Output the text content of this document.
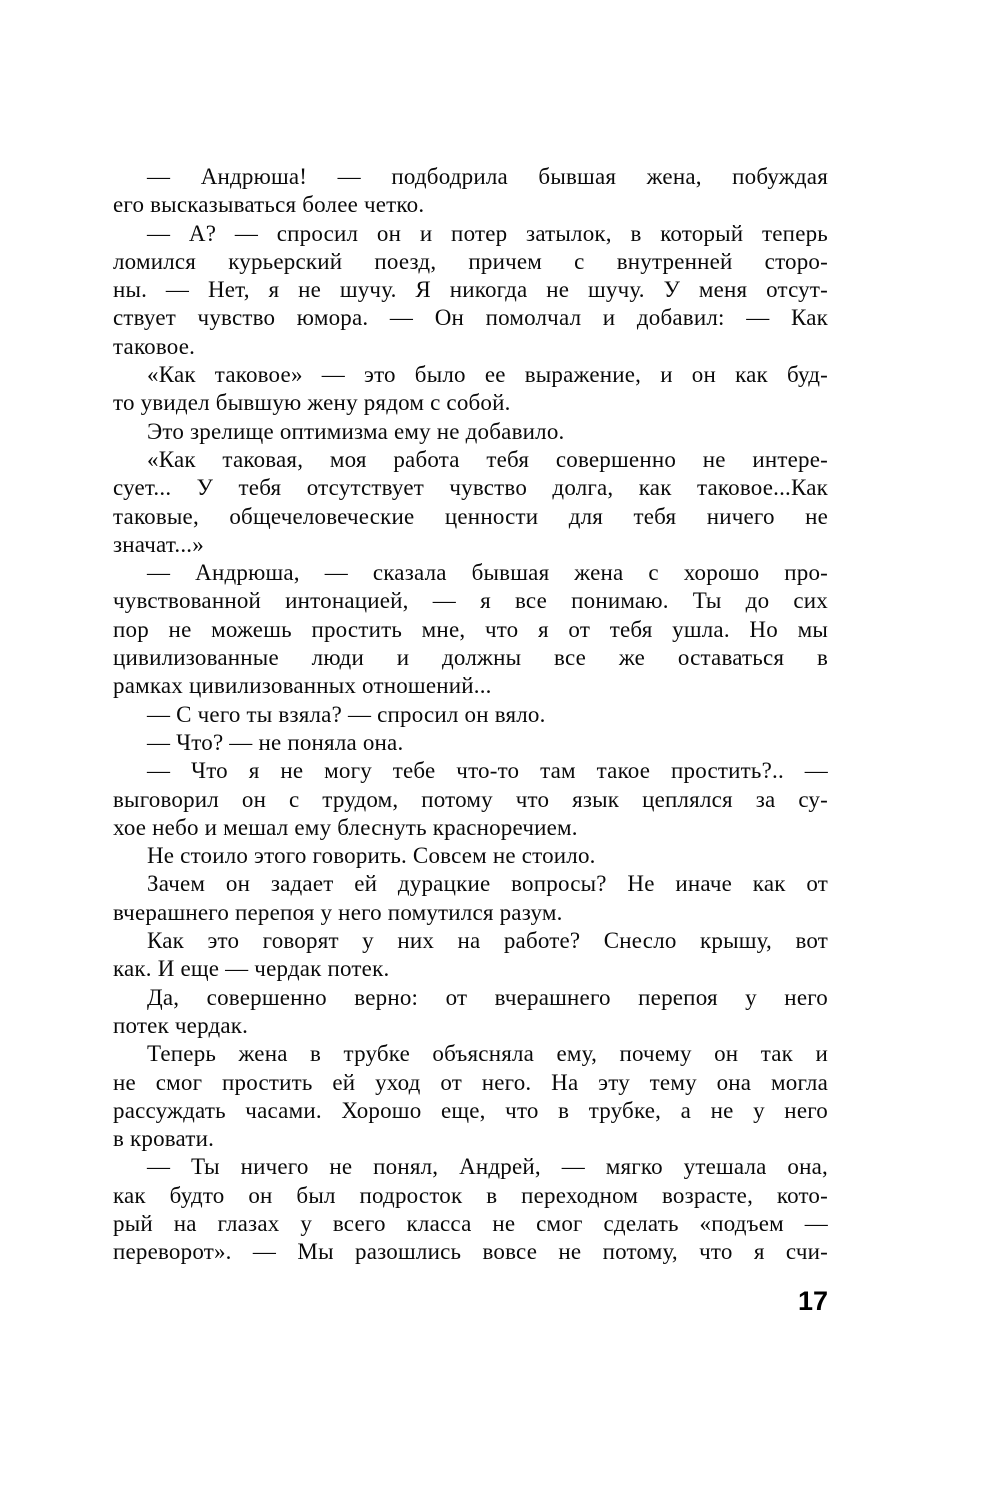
— Андрюша! — подбодрила бывшая жена, побуждая
его высказываться более четко.
— А? — спросил он и потер затылок, в который теперь
ломился курьерский поезд, причем с внутренней сторо-
ны. — Нет, я не шучу. Я никогда не шучу. У меня отсут-
ствует чувство юмора. — Он помолчал и добавил: — Как
таковое.
«Как таковое» — это было ее выражение, и он как буд-
то увидел бывшую жену рядом с собой.
Это зрелище оптимизма ему не добавило.
«Как таковая, моя работа тебя совершенно не интере-
сует... У тебя отсутствует чувство долга, как таковое...Как
таковые, общечеловеческие ценности для тебя ничего не
значат...»
— Андрюша, — сказала бывшая жена с хорошо про-
чувствованной интонацией, — я все понимаю. Ты до сих
пор не можешь простить мне, что я от тебя ушла. Но мы
цивилизованные люди и должны все же оставаться в
рамках цивилизованных отношений...
— С чего ты взяла? — спросил он вяло.
— Что? — не поняла она.
— Что я не могу тебе что-то там такое простить?.. —
выговорил он с трудом, потому что язык цеплялся за су-
хое небо и мешал ему блеснуть красноречием.
Не стоило этого говорить. Совсем не стоило.
Зачем он задает ей дурацкие вопросы? Не иначе как от
вчерашнего перепоя у него помутился разум.
Как это говорят у них на работе? Снесло крышу, вот
как. И еще — чердак потек.
Да, совершенно верно: от вчерашнего перепоя у него
потек чердак.
Теперь жена в трубке объясняла ему, почему он так и
не смог простить ей уход от него. На эту тему она могла
рассуждать часами. Хорошо еще, что в трубке, а не у него
в кровати.
— Ты ничего не понял, Андрей, — мягко утешала она,
как будто он был подросток в переходном возрасте, кото-
рый на глазах у всего класса не смог сделать «подъем —
переворот». — Мы разошлись вовсе не потому, что я счи-
17
